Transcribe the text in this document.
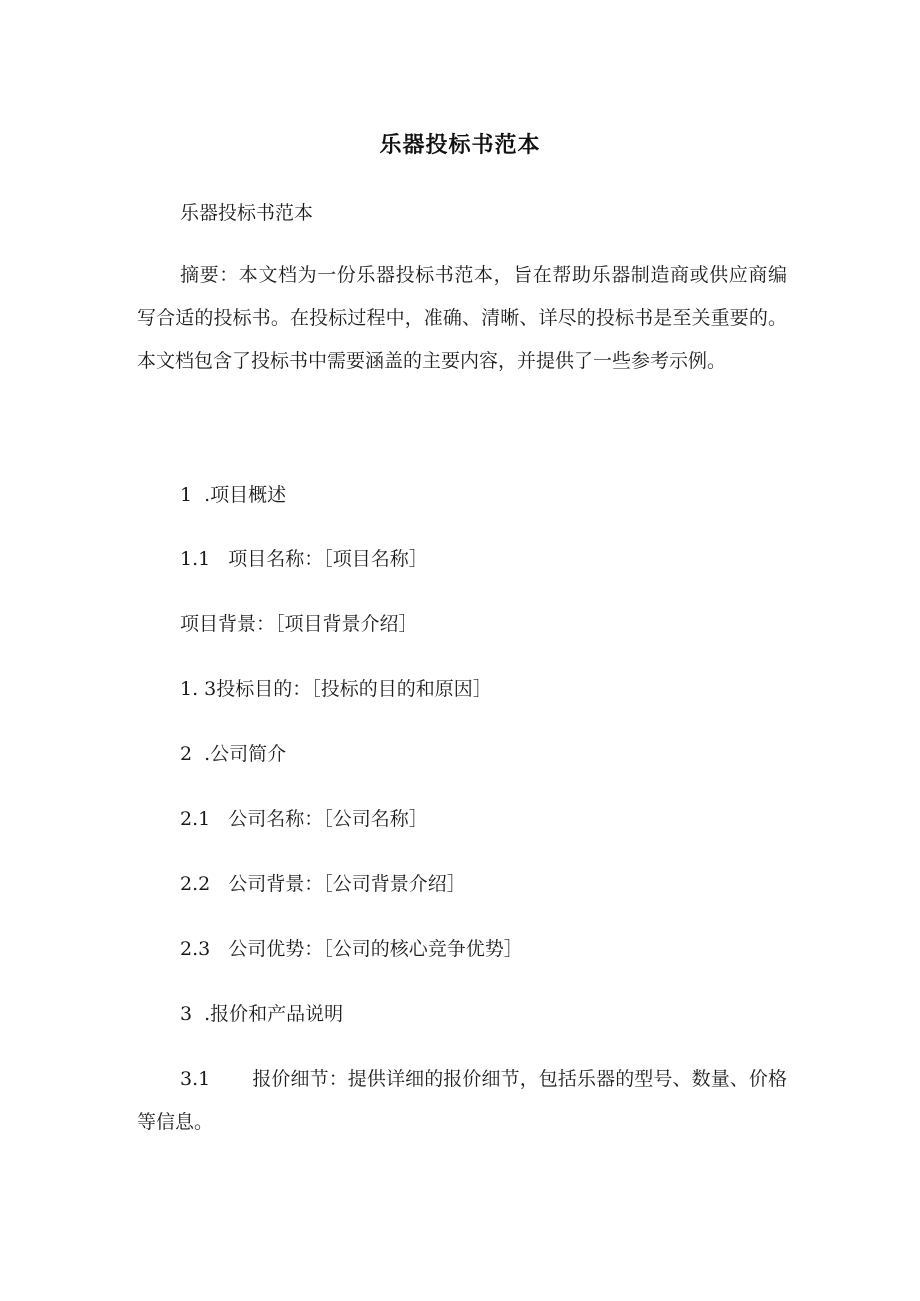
乐器投标书范本
乐器投标书范本
摘要：本文档为一份乐器投标书范本，旨在帮助乐器制造商或供应商编写合适的投标书。在投标过程中，准确、清晰、详尽的投标书是至关重要的。本文档包含了投标书中需要涵盖的主要内容，并提供了一些参考示例。
1 .项目概述
1.1 项目名称：［项目名称］
项目背景：［项目背景介绍］
1. 3投标目的：［投标的目的和原因］
2 .公司简介
2.1 公司名称：［公司名称］
2.2 公司背景：［公司背景介绍］
2.3 公司优势：［公司的核心竞争优势］
3 .报价和产品说明
3.1 报价细节：提供详细的报价细节，包括乐器的型号、数量、价格等信息。
